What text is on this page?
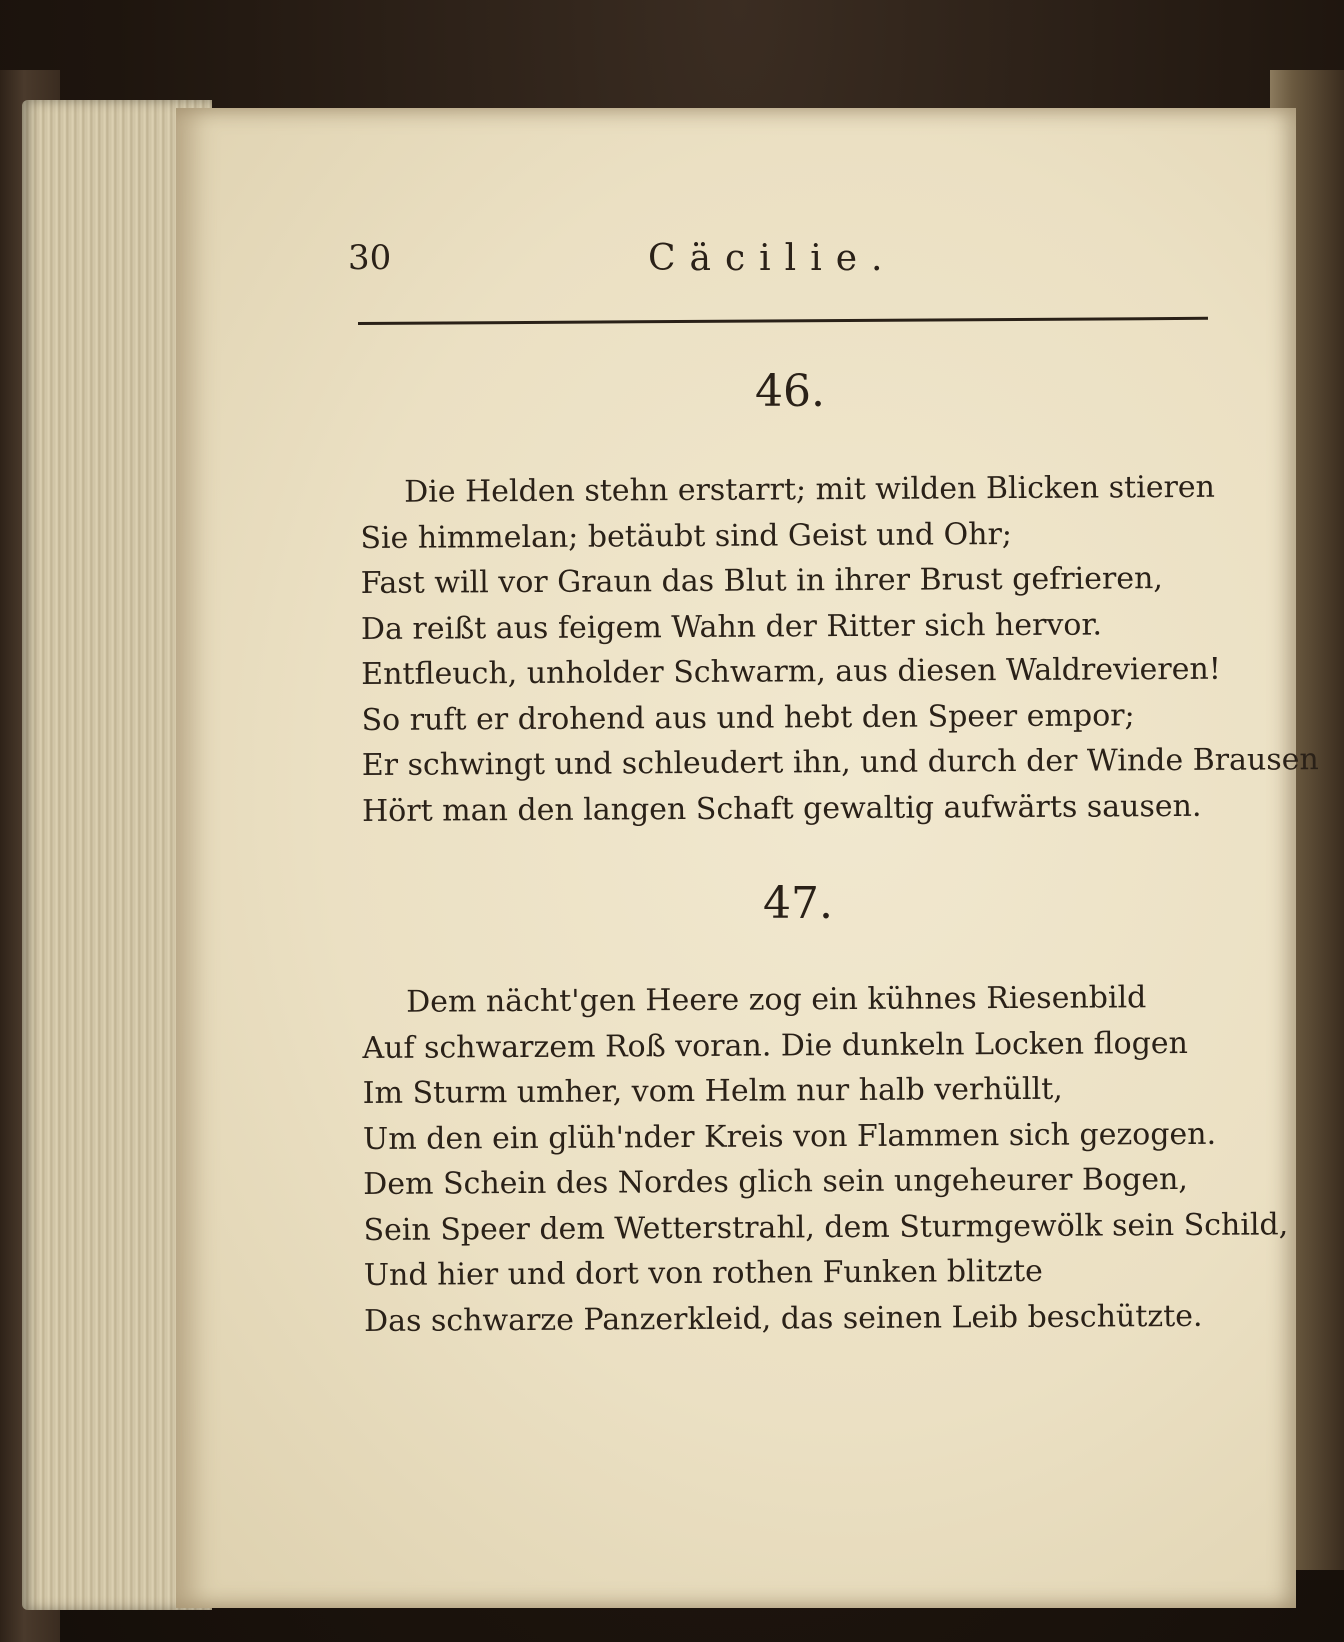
30	Cäcilie.
46.
Die Helden stehn erstarrt; mit wilden Blicken stieren
Sie himmelan; betäubt sind Geist und Ohr;
Fast will vor Graun das Blut in ihrer Brust gefrieren,
Da reißt aus feigem Wahn der Ritter sich hervor.
Entfleuch, unholder Schwarm, aus diesen Waldrevieren!
So ruft er drohend aus und hebt den Speer empor;
Er schwingt und schleudert ihn, und durch der Winde Brausen
Hört man den langen Schaft gewaltig aufwärts sausen.
47.
Dem nächt'gen Heere zog ein kühnes Riesenbild
Auf schwarzem Roß voran. Die dunkeln Locken flogen
Im Sturm umher, vom Helm nur halb verhüllt,
Um den ein glüh'nder Kreis von Flammen sich gezogen.
Dem Schein des Nordes glich sein ungeheurer Bogen,
Sein Speer dem Wetterstrahl, dem Sturmgewölk sein Schild,
Und hier und dort von rothen Funken blitzte
Das schwarze Panzerkleid, das seinen Leib beschützte.
